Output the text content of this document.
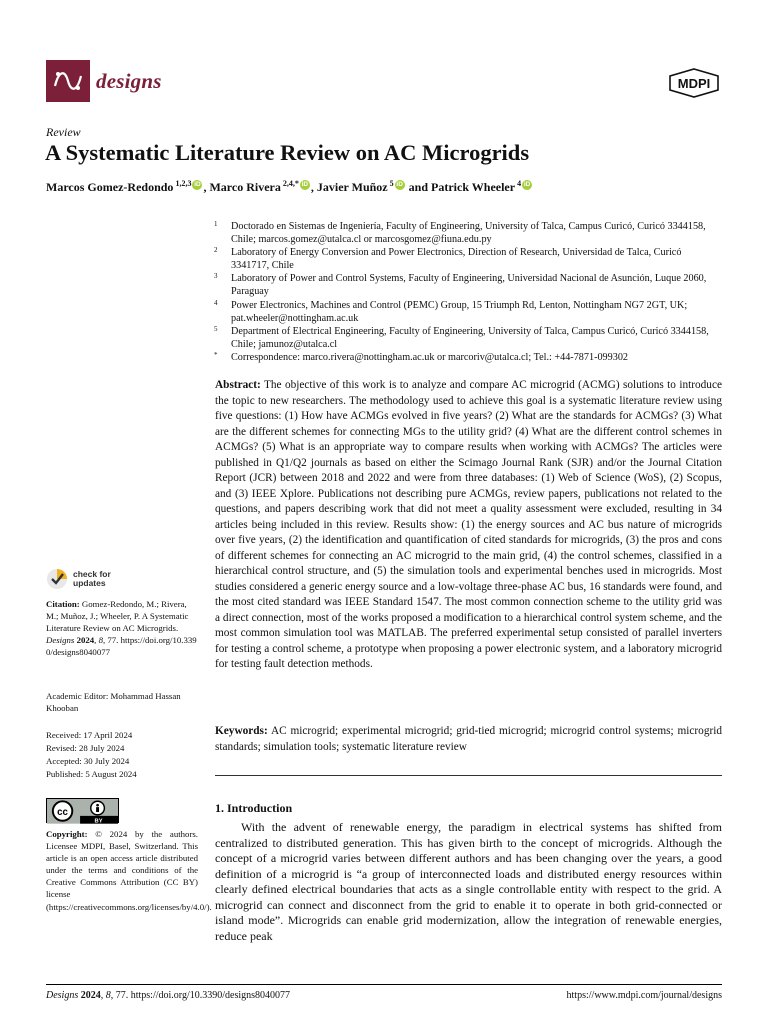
designs	MDPI
Review
A Systematic Literature Review on AC Microgrids
Marcos Gomez-Redondo $^{1,2,3}$ iD , Marco Rivera $^{2,4,*}$ iD , Javier Muñoz $^5$ iD
and Patrick Wheeler $^4$ iD
1	Doctorado en Sistemas de Ingeniería, Faculty of Engineering, University of Talca, Campus Curicó, Curicó 3344158, Chile; marcos.gomez@utalca.cl or marcosgomez@fiuna.edu.py
2	Laboratory of Energy Conversion and Power Electronics, Direction of Research, Universidad de Talca, Curicó 3341717, Chile
3	Laboratory of Power and Control Systems, Faculty of Engineering, Universidad Nacional de Asunción, Luque 2060, Paraguay
4	Power Electronics, Machines and Control (PEMC) Group, 15 Triumph Rd, Lenton, Nottingham NG7 2GT, UK; pat.wheeler@nottingham.ac.uk
5	Department of Electrical Engineering, Faculty of Engineering, University of Talca, Campus Curicó, Curicó 3344158, Chile; jamunoz@utalca.cl
*	Correspondence: marco.rivera@nottingham.ac.uk or marcoriv@utalca.cl; Tel.: +44-7871-099302
Abstract: The objective of this work is to analyze and compare AC microgrid (ACMG) solutions to introduce the topic to new researchers. The methodology used to achieve this goal is a systematic literature review using five questions: (1) How have ACMGs evolved in five years? (2) What are the standards for ACMGs? (3) What are the different schemes for connecting MGs to the utility grid? (4) What are the different control schemes in ACMGs? (5) What is an appropriate way to compare results when working with ACMGs? The articles were published in Q1/Q2 journals as based on either the Scimago Journal Rank (SJR) and/or the Journal Citation Report (JCR) between 2018 and 2022 and were from three databases: (1) Web of Science (WoS), (2) Scopus, and (3) IEEE Xplore. Publications not describing pure ACMGs, review papers, publications not related to the questions, and papers describing work that did not meet a quality assessment were excluded, resulting in 34 articles being included in this review. Results show: (1) the energy sources and AC bus nature of microgrids over five years, (2) the identification and quantification of cited standards for microgrids, (3) the pros and cons of different schemes for connecting an AC microgrid to the main grid, (4) the control schemes, classified in a hierarchical control structure, and (5) the simulation tools and experimental benches used in microgrids. Most studies considered a generic energy source and a low-voltage three-phase AC bus, 16 standards were found, and the most cited standard was IEEE Standard 1547. The most common connection scheme to the utility grid was a direct connection, most of the works proposed a modification to a hierarchical control system scheme, and the most common simulation tool was MATLAB. The preferred experimental setup consisted of parallel inverters for testing a control scheme, a prototype when proposing a power electronic system, and a laboratory microgrid for testing fault detection methods.
Keywords: AC microgrid; experimental microgrid; grid-tied microgrid; microgrid control systems; microgrid standards; simulation tools; systematic literature review
1. Introduction
With the advent of renewable energy, the paradigm in electrical systems has shifted from centralized to distributed generation. This has given birth to the concept of microgrids. Although the concept of a microgrid varies between different authors and has been changing over the years, a good definition of a microgrid is “a group of interconnected loads and distributed energy resources within clearly defined electrical boundaries that acts as a single controllable entity with respect to the grid. A microgrid can connect and disconnect from the grid to enable it to operate in both grid-connected or island mode”. Microgrids can enable grid modernization, allow the integration of renewable energies, reduce peak
check for
updates
Citation: Gomez-Redondo, M.; Rivera, M.; Muñoz, J.; Wheeler, P. A Systematic Literature Review on AC Microgrids. Designs 2024, 8, 77. https://doi.org/10.3390/designs8040077
Academic Editor: Mohammad Hassan Khooban
Received: 17 April 2024
Revised: 28 July 2024
Accepted: 30 July 2024
Published: 5 August 2024
cc
BY
Copyright: © 2024 by the authors. Licensee MDPI, Basel, Switzerland. This article is an open access article distributed under the terms and conditions of the Creative Commons Attribution (CC BY) license (https://creativecommons.org/licenses/by/4.0/).
Designs 2024, 8, 77. https://doi.org/10.3390/designs8040077	https://www.mdpi.com/journal/designs
